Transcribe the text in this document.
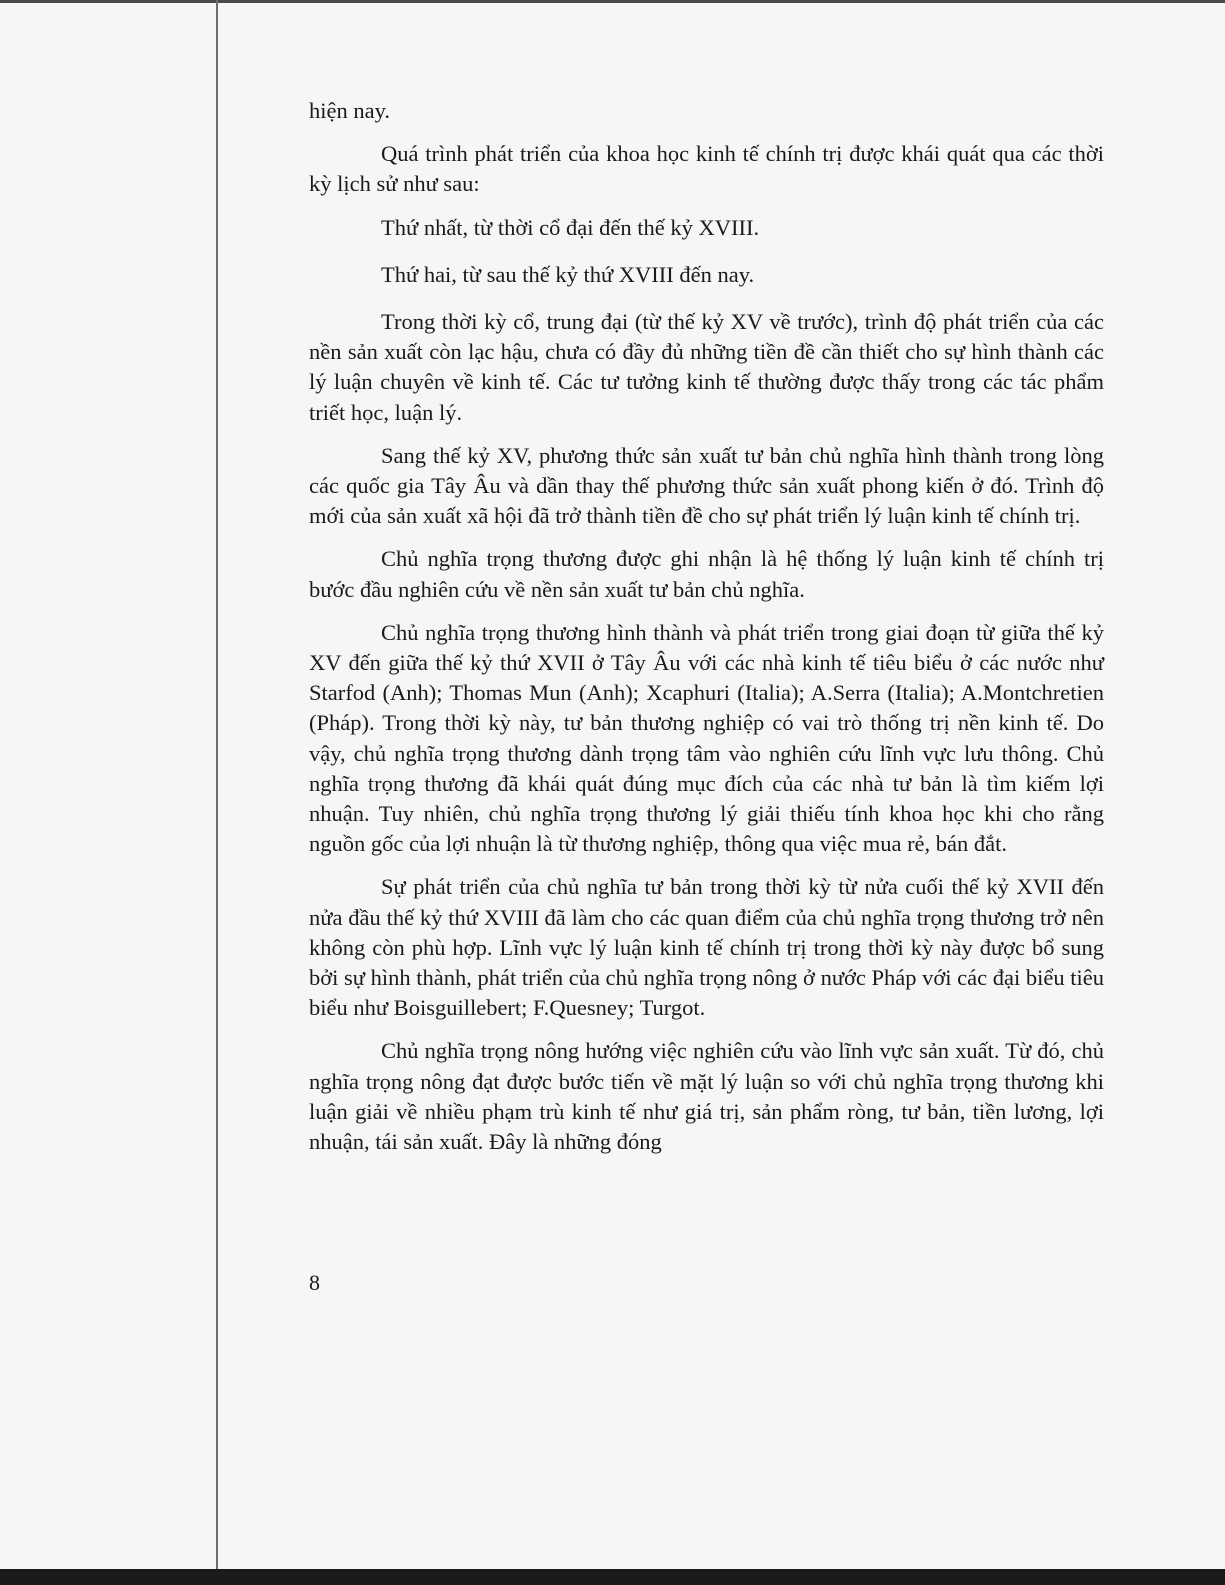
hiện nay.

Quá trình phát triển của khoa học kinh tế chính trị được khái quát qua các thời kỳ lịch sử như sau:

Thứ nhất, từ thời cổ đại đến thế kỷ XVIII.

Thứ hai, từ sau thế kỷ thứ XVIII đến nay.

Trong thời kỳ cổ, trung đại (từ thế kỷ XV về trước), trình độ phát triển của các nền sản xuất còn lạc hậu, chưa có đầy đủ những tiền đề cần thiết cho sự hình thành các lý luận chuyên về kinh tế. Các tư tưởng kinh tế thường được thấy trong các tác phẩm triết học, luận lý.

Sang thế kỷ XV, phương thức sản xuất tư bản chủ nghĩa hình thành trong lòng các quốc gia Tây Âu và dần thay thế phương thức sản xuất phong kiến ở đó. Trình độ mới của sản xuất xã hội đã trở thành tiền đề cho sự phát triển lý luận kinh tế chính trị.

Chủ nghĩa trọng thương được ghi nhận là hệ thống lý luận kinh tế chính trị bước đầu nghiên cứu về nền sản xuất tư bản chủ nghĩa.

Chủ nghĩa trọng thương hình thành và phát triển trong giai đoạn từ giữa thế kỷ XV đến giữa thế kỷ thứ XVII ở Tây Âu với các nhà kinh tế tiêu biểu ở các nước như Starfod (Anh); Thomas Mun (Anh); Xcaphuri (Italia); A.Serra (Italia); A.Montchretien (Pháp). Trong thời kỳ này, tư bản thương nghiệp có vai trò thống trị nền kinh tế. Do vậy, chủ nghĩa trọng thương dành trọng tâm vào nghiên cứu lĩnh vực lưu thông. Chủ nghĩa trọng thương đã khái quát đúng mục đích của các nhà tư bản là tìm kiếm lợi nhuận. Tuy nhiên, chủ nghĩa trọng thương lý giải thiếu tính khoa học khi cho rằng nguồn gốc của lợi nhuận là từ thương nghiệp, thông qua việc mua rẻ, bán đắt.

Sự phát triển của chủ nghĩa tư bản trong thời kỳ từ nửa cuối thế kỷ XVII đến nửa đầu thế kỷ thứ XVIII đã làm cho các quan điểm của chủ nghĩa trọng thương trở nên không còn phù hợp. Lĩnh vực lý luận kinh tế chính trị trong thời kỳ này được bổ sung bởi sự hình thành, phát triển của chủ nghĩa trọng nông ở nước Pháp với các đại biểu tiêu biểu như Boisguillebert; F.Quesney; Turgot.

Chủ nghĩa trọng nông hướng việc nghiên cứu vào lĩnh vực sản xuất. Từ đó, chủ nghĩa trọng nông đạt được bước tiến về mặt lý luận so với chủ nghĩa trọng thương khi luận giải về nhiều phạm trù kinh tế như giá trị, sản phẩm ròng, tư bản, tiền lương, lợi nhuận, tái sản xuất. Đây là những đóng

8
